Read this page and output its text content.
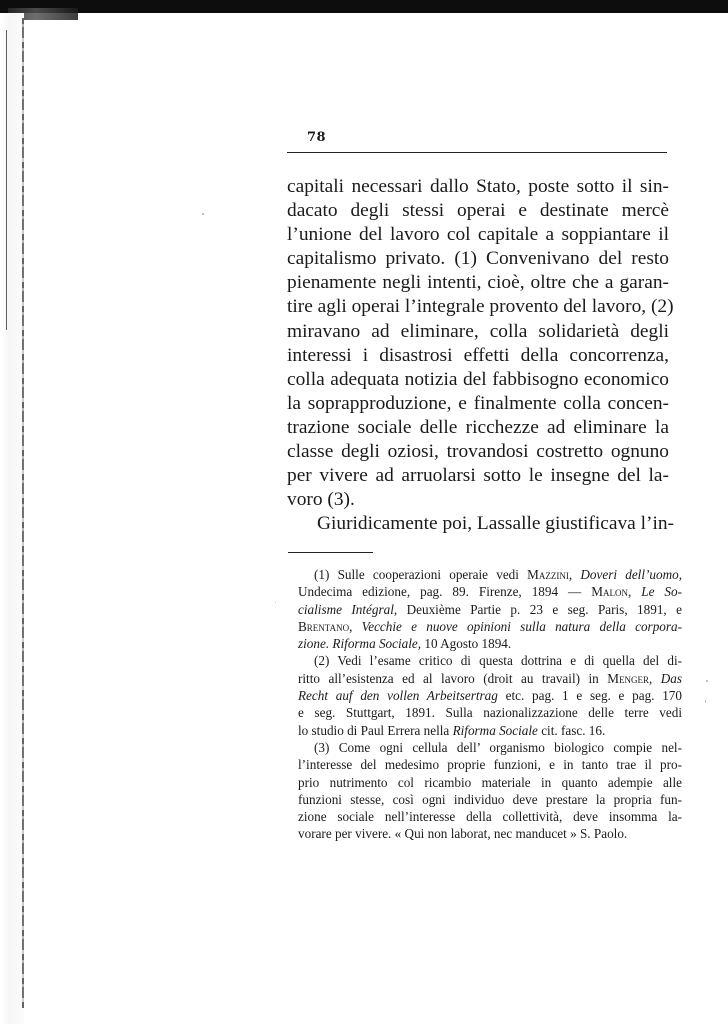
78
capitali necessari dallo Stato, poste sotto il sin-
dacato degli stessi operai e destinate mercè
l’unione del lavoro col capitale a soppiantare il
capitalismo privato. (1) Convenivano del resto
pienamente negli intenti, cioè, oltre che a garan-
tire agli operai l’integrale provento del lavoro, (2)
miravano ad eliminare, colla solidarietà degli
interessi i disastrosi effetti della concorrenza,
colla adequata notizia del fabbisogno economico
la soprapproduzione, e finalmente colla concen-
trazione sociale delle ricchezze ad eliminare la
classe degli oziosi, trovandosi costretto ognuno
per vivere ad arruolarsi sotto le insegne del la-
voro (3).
Giuridicamente poi, Lassalle giustificava l’in-
(1) Sulle cooperazioni operaie vedi Mazzini, Doveri dell’uomo,
Undecima edizione, pag. 89. Firenze, 1894 — Malon, Le So-
cialisme Intégral, Deuxième Partie p. 23 e seg. Paris, 1891, e
Brentano, Vecchie e nuove opinioni sulla natura della corpora-
zione. Riforma Sociale, 10 Agosto 1894.
(2) Vedi l’esame critico di questa dottrina e di quella del di-
ritto all’esistenza ed al lavoro (droit au travail) in Menger, Das
Recht auf den vollen Arbeitsertrag etc. pag. 1 e seg. e pag. 170
e seg. Stuttgart, 1891. Sulla nazionalizzazione delle terre vedi
lo studio di Paul Errera nella Riforma Sociale cit. fasc. 16.
(3) Come ogni cellula dell’ organismo biologico compie nel-
l’interesse del medesimo proprie funzioni, e in tanto trae il pro-
prio nutrimento col ricambio materiale in quanto adempie alle
funzioni stesse, così ogni individuo deve prestare la propria fun-
zione sociale nell’interesse della collettività, deve insomma la-
vorare per vivere. « Qui non laborat, nec manducet » S. Paolo.
